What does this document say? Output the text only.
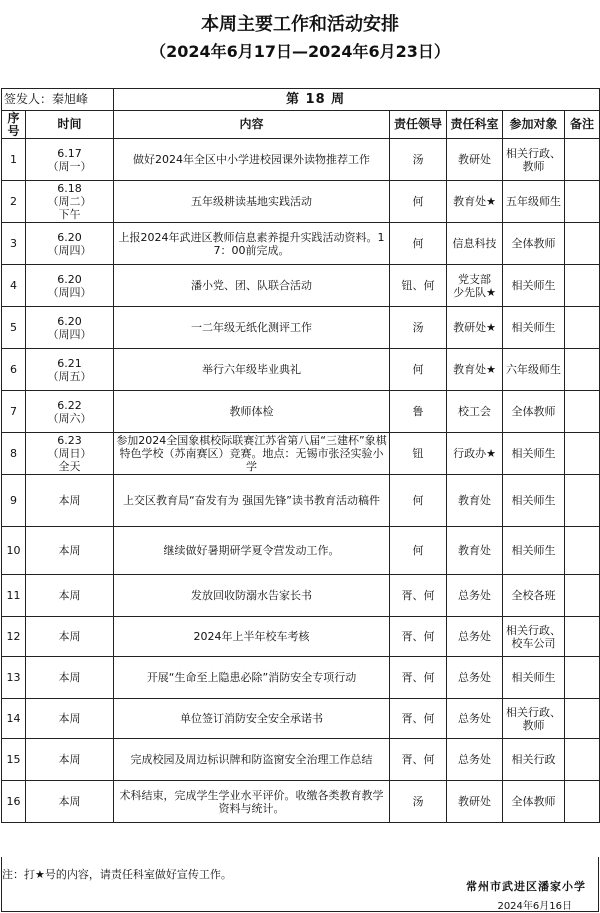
本周主要工作和活动安排
（2024年6月17日—2024年6月23日）
签发人：秦旭峰		第 18 周				
序号	时间	内容	责任领导	责任科室	参加对象	备注
1	6.17
（周一）	做好2024年全区中小学进校园课外读物推荐工作	汤	教研处	相关行政、教师	
2	6.18
（周二）
下午	五年级耕读基地实践活动	何	教育处★	五年级师生	
3	6.20
（周四）	上报2024年武进区教师信息素养提升实践活动资料。17：00前完成。	何	信息科技	全体教师	
4	6.20
（周四）	潘小党、团、队联合活动	钮、何	党支部
少先队★	相关师生	
5	6.20
（周四）	一二年级无纸化测评工作	汤	教研处★	相关师生	
6	6.21
（周五）	举行六年级毕业典礼	何	教育处★	六年级师生	
7	6.22
（周六）	教师体检	鲁	校工会	全体教师	
8	6.23
（周日）
全天	参加2024全国象棋校际联赛江苏省第八届“三建杯”象棋特色学校（苏南赛区）竞赛。地点：无锡市张泾实验小学	钮	行政办★	相关师生	
9	本周	上交区教育局“奋发有为 强国先锋”读书教育活动稿件	何	教育处	相关师生	
10	本周	继续做好暑期研学夏令营发动工作。	何	教育处	相关师生	
11	本周	发放回收防溺水告家长书	胥、何	总务处	全校各班	
12	本周	2024年上半年校车考核	胥、何	总务处	相关行政、校车公司	
13	本周	开展“生命至上隐患必除”消防安全专项行动	胥、何	总务处	相关师生	
14	本周	单位签订消防安全安全承诺书	胥、何	总务处	相关行政、教师	
15	本周	完成校园及周边标识牌和防盗窗安全治理工作总结	胥、何	总务处	相关行政	
16	本周	术科结束，完成学生学业水平评价。收缴各类教育教学资料与统计。	汤	教研处	全体教师	
注：打★号的内容，请责任科室做好宣传工作。
常州市武进区潘家小学
2024年6月16日
